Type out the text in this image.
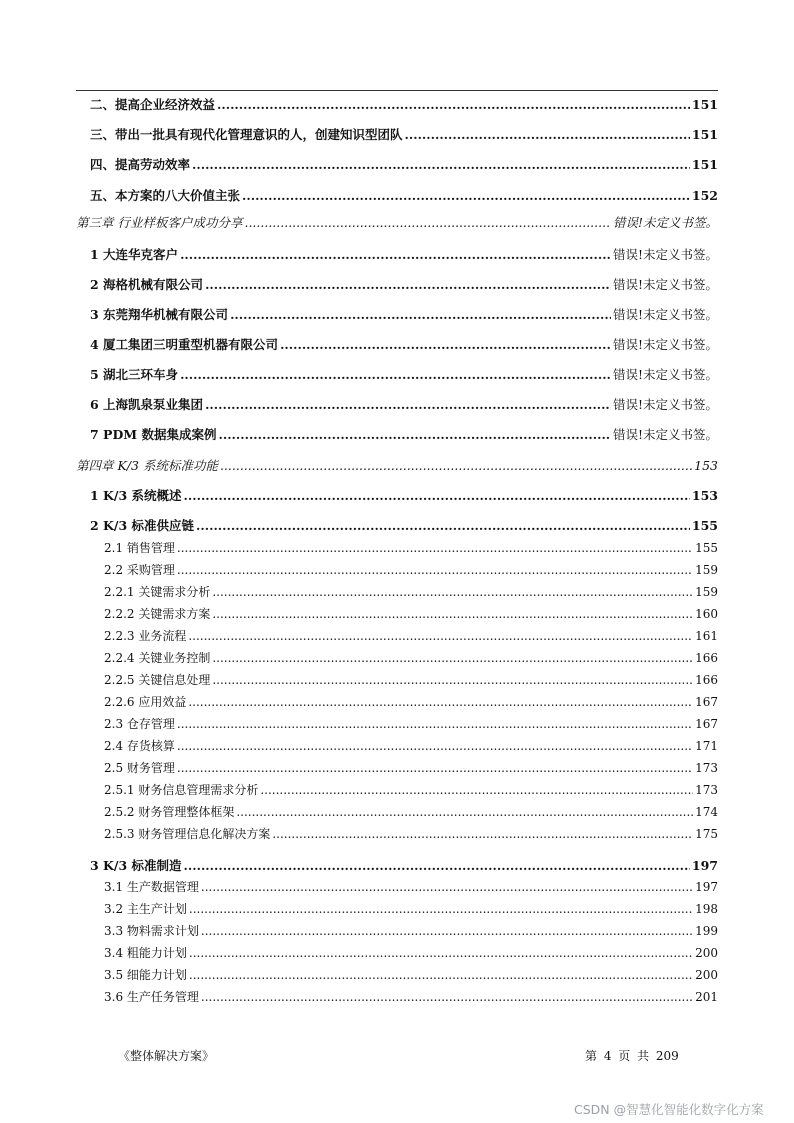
二、提高企业经济效益 .....	151
三、带出一批具有现代化管理意识的人，创建知识型团队 .....	151
四、提高劳动效率 .....	151
五、本方案的八大价值主张 .....	152
第三章 行业样板客户成功分享 .....	错误!未定义书签。
1 大连华克客户 .....	错误!未定义书签。
2 海格机械有限公司 .....	错误!未定义书签。
3 东莞翔华机械有限公司 .....	错误!未定义书签。
4 厦工集团三明重型机器有限公司 .....	错误!未定义书签。
5 湖北三环车身 .....	错误!未定义书签。
6 上海凯泉泵业集团 .....	错误!未定义书签。
7 PDM 数据集成案例 .....	错误!未定义书签。
第四章 K/3 系统标准功能 .....	153
1 K/3 系统概述 .....	153
2 K/3 标准供应链 .....	155
2.1 销售管理 .....	155
2.2 采购管理 .....	159
2.2.1 关键需求分析 .....	159
2.2.2 关键需求方案 .....	160
2.2.3 业务流程 .....	161
2.2.4 关键业务控制 .....	166
2.2.5 关键信息处理 .....	166
2.2.6 应用效益 .....	167
2.3 仓存管理 .....	167
2.4 存货核算 .....	171
2.5 财务管理 .....	173
2.5.1 财务信息管理需求分析 .....	173
2.5.2 财务管理整体框架 .....	174
2.5.3 财务管理信息化解决方案 .....	175
3 K/3 标准制造 .....	197
3.1 生产数据管理 .....	197
3.2 主生产计划 .....	198
3.3 物料需求计划 .....	199
3.4 粗能力计划 .....	200
3.5 细能力计划 .....	200
3.6 生产任务管理 .....	201
《整体解决方案》	第 4 页 共 209
CSDN @智慧化智能化数字化方案
